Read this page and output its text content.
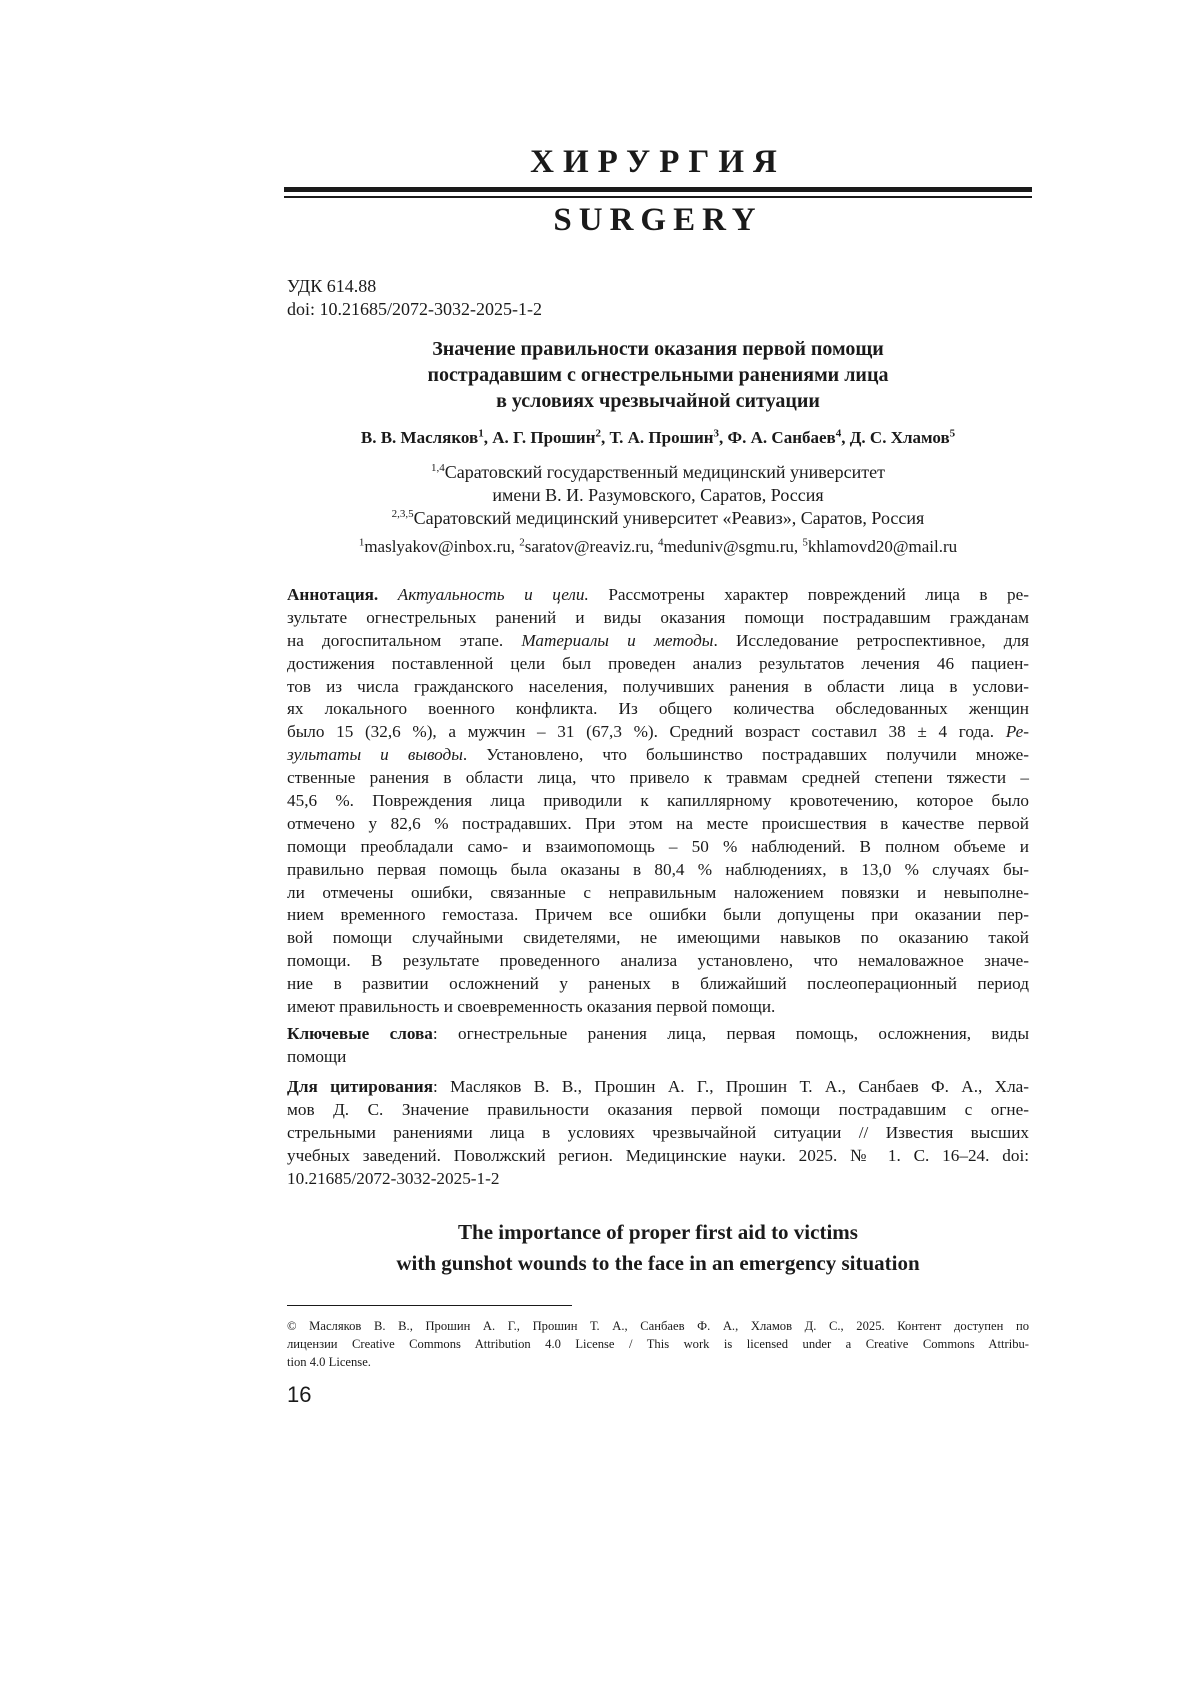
ХИРУРГИЯ
SURGERY
УДК 614.88
doi: 10.21685/2072-3032-2025-1-2
Значение правильности оказания первой помощи
пострадавшим с огнестрельными ранениями лица
в условиях чрезвычайной ситуации
В. В. Масляков$^1$, А. Г. Прошин$^2$, Т. А. Прошин$^3$, Ф. А. Санбаев$^4$, Д. С. Хламов$^5$
$^{1,4}$Саратовский государственный медицинский университет
имени В. И. Разумовского, Саратов, Россия
$^{2,3,5}$Саратовский медицинский университет «Реавиз», Саратов, Россия
$^1$maslyakov@inbox.ru, $^2$saratov@reaviz.ru, $^4$meduniv@sgmu.ru, $^5$khlamovd20@mail.ru
Аннотация. Актуальность и цели. Рассмотрены характер повреждений лица в ре-
зультате огнестрельных ранений и виды оказания помощи пострадавшим гражданам
на догоспитальном этапе. Материалы и методы. Исследование ретроспективное, для
достижения поставленной цели был проведен анализ результатов лечения 46 пациен-
тов из числа гражданского населения, получивших ранения в области лица в услови-
ях локального военного конфликта. Из общего количества обследованных женщин
было 15 (32,6 %), а мужчин – 31 (67,3 %). Средний возраст составил 38 ± 4 года. Ре-
зультаты и выводы. Установлено, что большинство пострадавших получили множе-
ственные ранения в области лица, что привело к травмам средней степени тяжести –
45,6 %. Повреждения лица приводили к капиллярному кровотечению, которое было
отмечено у 82,6 % пострадавших. При этом на месте происшествия в качестве первой
помощи преобладали само- и взаимопомощь – 50 % наблюдений. В полном объеме и
правильно первая помощь была оказаны в 80,4 % наблюдениях, в 13,0 % случаях бы-
ли отмечены ошибки, связанные с неправильным наложением повязки и невыполне-
нием временного гемостаза. Причем все ошибки были допущены при оказании пер-
вой помощи случайными свидетелями, не имеющими навыков по оказанию такой
помощи. В результате проведенного анализа установлено, что немаловажное значе-
ние в развитии осложнений у раненых в ближайший послеоперационный период
имеют правильность и своевременность оказания первой помощи.
Ключевые слова: огнестрельные ранения лица, первая помощь, осложнения, виды
помощи
Для цитирования: Масляков В. В., Прошин А. Г., Прошин Т. А., Санбаев Ф. А., Хла-
мов Д. С. Значение правильности оказания первой помощи пострадавшим с огне-
стрельными ранениями лица в условиях чрезвычайной ситуации // Известия высших
учебных заведений. Поволжский регион. Медицинские науки. 2025. № 1. С. 16–24. doi:
10.21685/2072-3032-2025-1-2
The importance of proper first aid to victims
with gunshot wounds to the face in an emergency situation
© Масляков В. В., Прошин А. Г., Прошин Т. А., Санбаев Ф. А., Хламов Д. С., 2025. Контент доступен по
лицензии Creative Commons Attribution 4.0 License / This work is licensed under a Creative Commons Attribu-
tion 4.0 License.
16
